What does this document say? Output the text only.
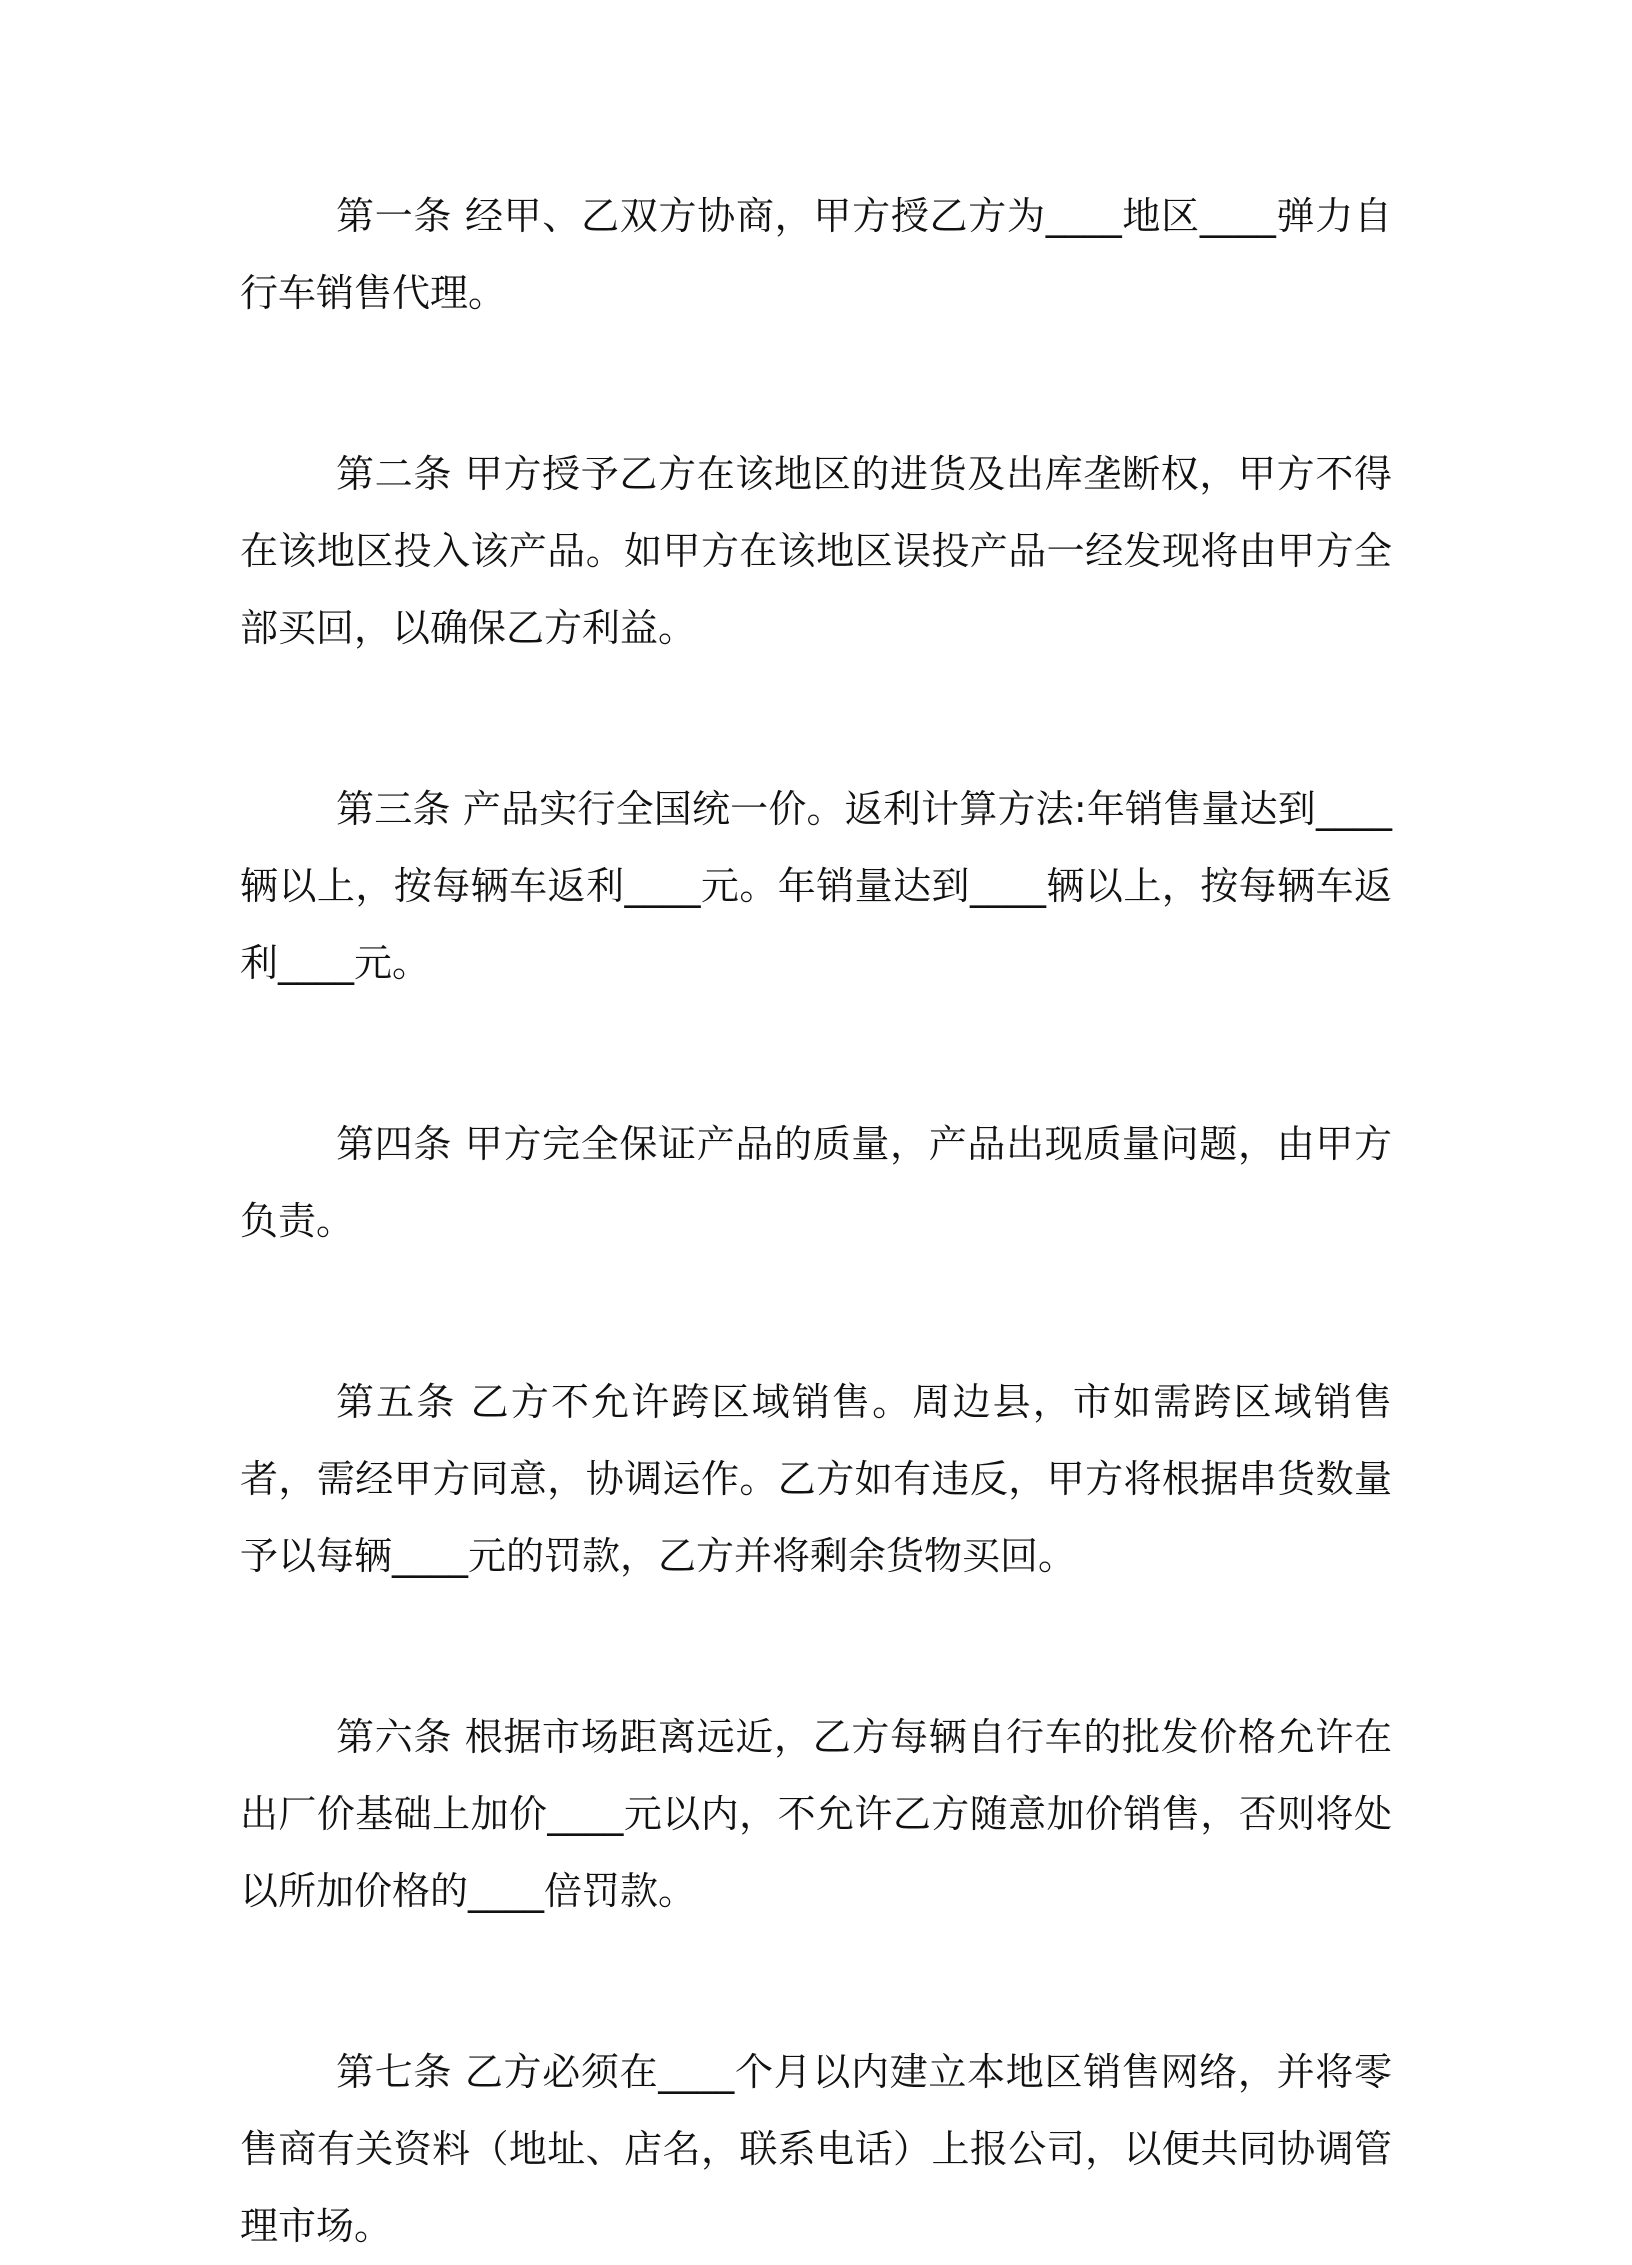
第一条 经甲、乙双方协商，甲方授乙方为____地区____弹力自行车销售代理。

第二条 甲方授予乙方在该地区的进货及出库垄断权，甲方不得在该地区投入该产品。如甲方在该地区误投产品一经发现将由甲方全部买回，以确保乙方利益。

第三条 产品实行全国统一价。返利计算方法:年销售量达到____辆以上，按每辆车返利____元。年销量达到____辆以上，按每辆车返利____元。

第四条 甲方完全保证产品的质量，产品出现质量问题，由甲方负责。

第五条 乙方不允许跨区域销售。周边县，市如需跨区域销售者，需经甲方同意，协调运作。乙方如有违反，甲方将根据串货数量予以每辆____元的罚款，乙方并将剩余货物买回。

第六条 根据市场距离远近，乙方每辆自行车的批发价格允许在出厂价基础上加价____元以内，不允许乙方随意加价销售，否则将处以所加价格的____倍罚款。

第七条 乙方必须在____个月以内建立本地区销售网络，并将零售商有关资料（地址、店名，联系电话）上报公司，以便共同协调管理市场。
